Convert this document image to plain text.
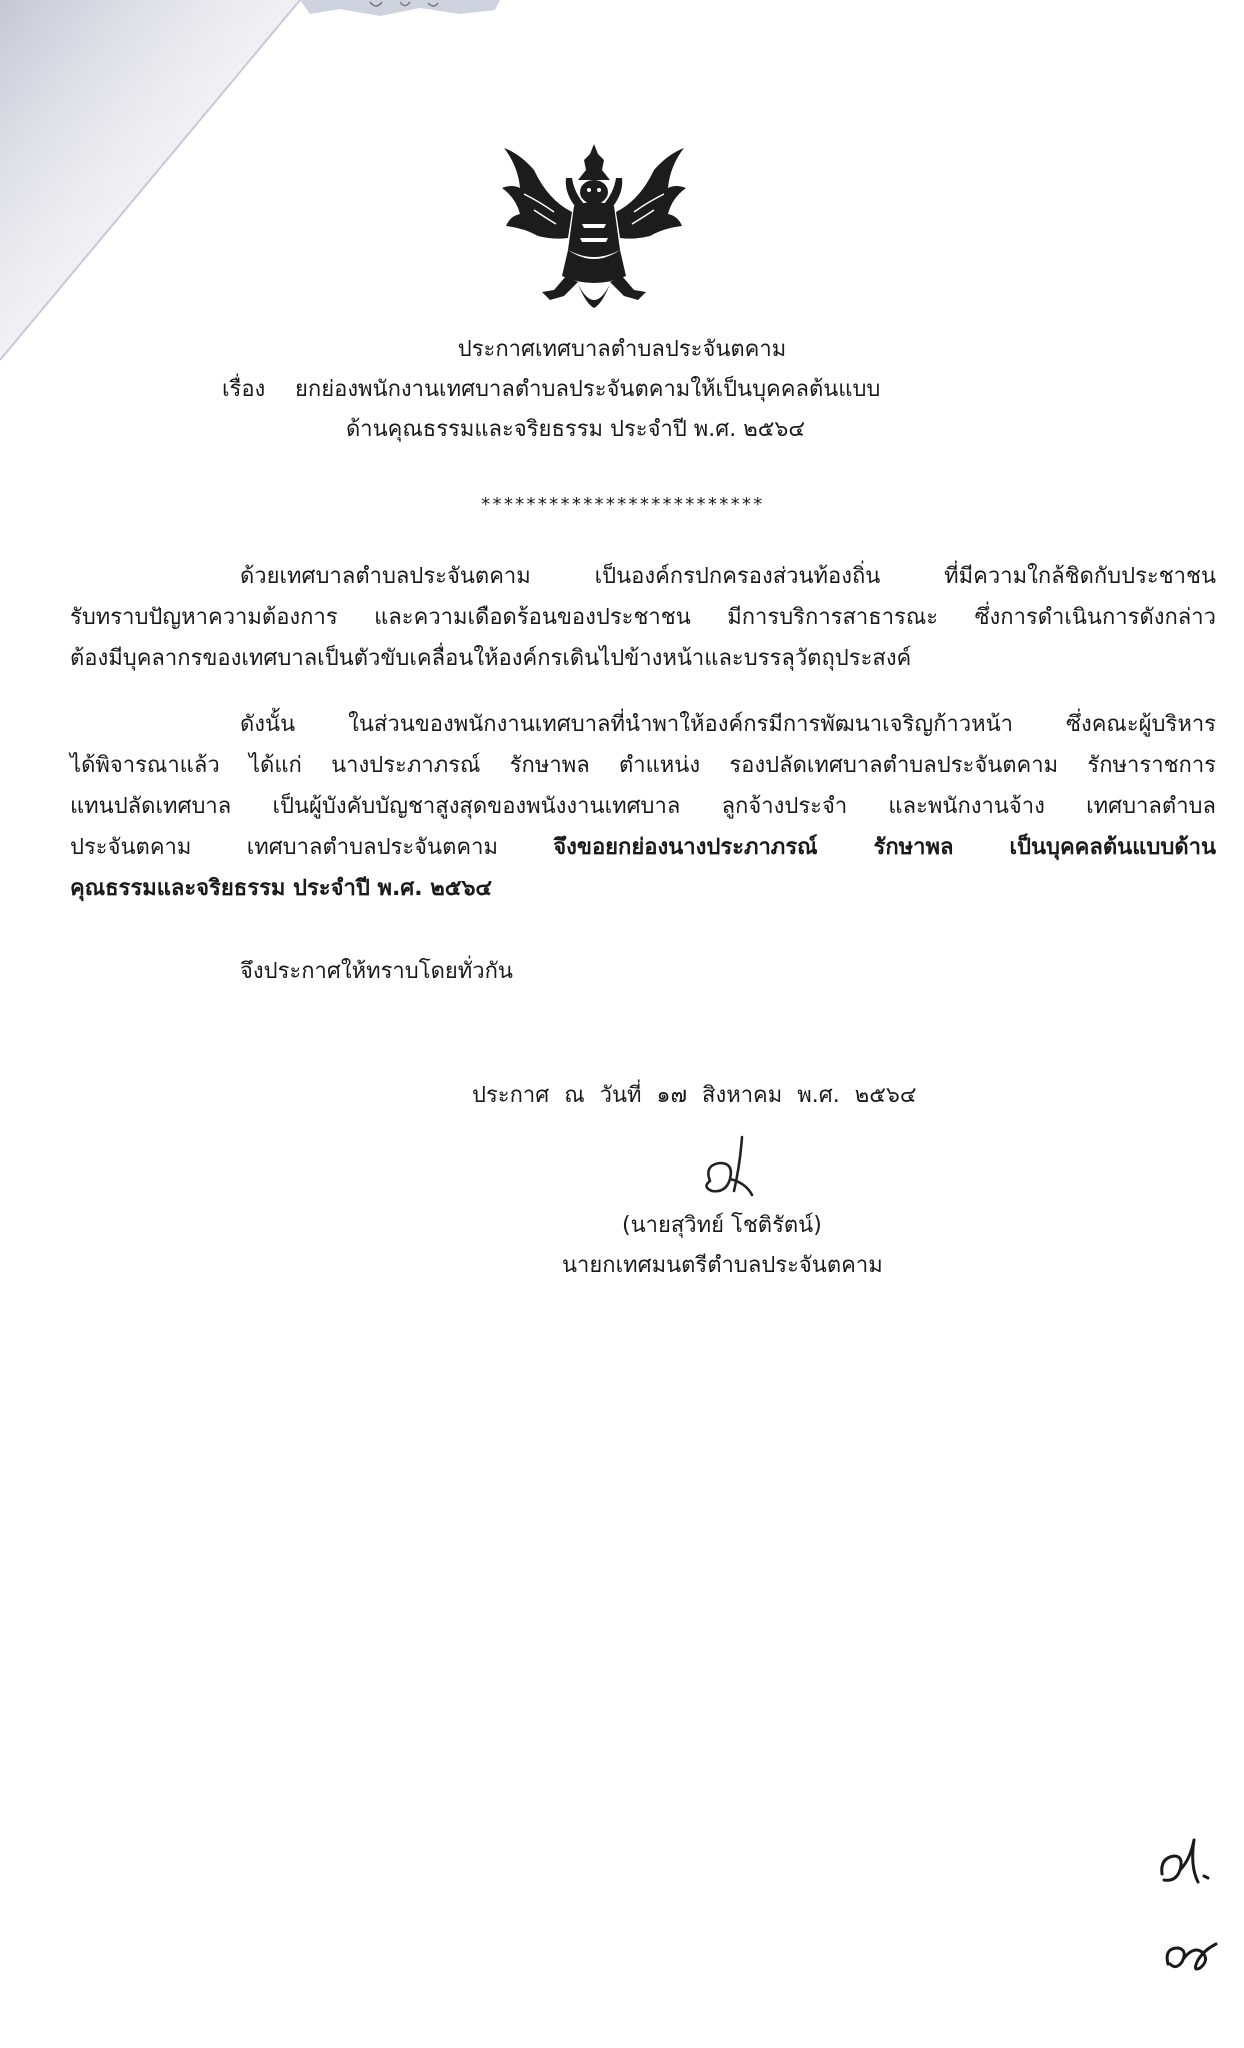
ประกาศเทศบาลตำบลประจันตคาม
เรื่อง ยกย่องพนักงานเทศบาลตำบลประจันตคามให้เป็นบุคคลต้นแบบ
ด้านคุณธรรมและจริยธรรม ประจำปี พ.ศ. ๒๕๖๔
*************************
ด้วยเทศบาลตำบลประจันตคาม เป็นองค์กรปกครองส่วนท้องถิ่น ที่มีความใกล้ชิดกับประชาชน
รับทราบปัญหาความต้องการ และความเดือดร้อนของประชาชน มีการบริการสาธารณะ ซึ่งการดำเนินการดังกล่าว
ต้องมีบุคลากรของเทศบาลเป็นตัวขับเคลื่อนให้องค์กรเดินไปข้างหน้าและบรรลุวัตถุประสงค์
ดังนั้น ในส่วนของพนักงานเทศบาลที่นำพาให้องค์กรมีการพัฒนาเจริญก้าวหน้า ซึ่งคณะผู้บริหาร
ได้พิจารณาแล้ว ได้แก่ นางประภาภรณ์ รักษาพล ตำแหน่ง รองปลัดเทศบาลตำบลประจันตคาม รักษาราชการ
แทนปลัดเทศบาล เป็นผู้บังคับบัญชาสูงสุดของพนังงานเทศบาล ลูกจ้างประจำ และพนักงานจ้าง เทศบาลตำบล
ประจันตคาม เทศบาลตำบลประจันตคาม จึงขอยกย่องนางประภาภรณ์ รักษาพล เป็นบุคคลต้นแบบด้าน
คุณธรรมและจริยธรรม ประจำปี พ.ศ. ๒๕๖๔
จึงประกาศให้ทราบโดยทั่วกัน
ประกาศ ณ วันที่ ๑๗ สิงหาคม พ.ศ. ๒๕๖๔
(นายสุวิทย์ โชติรัตน์)
นายกเทศมนตรีตำบลประจันตคาม
